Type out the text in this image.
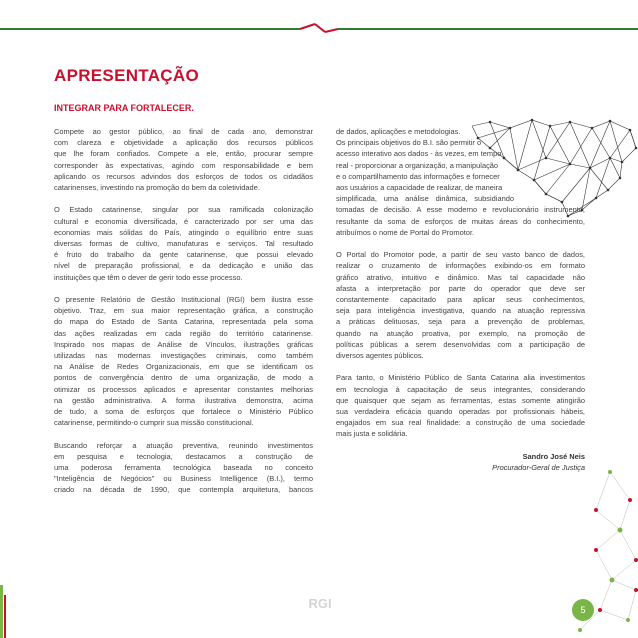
APRESENTAÇÃO
INTEGRAR PARA FORTALECER.

Compete ao gestor público, ao final de cada ano, demonstrar
com clareza e objetividade a aplicação dos recursos públicos
que lhe foram confiados. Compete a ele, então, procurar sempre
corresponder às expectativas, agindo com responsabilidade e bem
aplicando os recursos advindos dos esforços de todos os cidadãos
catarinenses, investindo na promoção do bem da coletividade.

O Estado catarinense, singular por sua ramificada colonização
cultural e economia diversificada, é caracterizado por ser uma das
economias mais sólidas do País, atingindo o equilíbrio entre suas
diversas formas de cultivo, manufaturas e serviços. Tal resultado
é fruto do trabalho da gente catarinense, que possui elevado
nível de preparação profissional, e da dedicação e união das
instituições que têm o dever de gerir todo esse processo.

O presente Relatório de Gestão Institucional (RGI) bem ilustra esse
objetivo. Traz, em sua maior representação gráfica, a construção
do mapa do Estado de Santa Catarina, representada pela soma
das ações realizadas em cada região do território catarinense.
Inspirado nos mapas de Análise de Vínculos, ilustrações gráficas
utilizadas nas modernas investigações criminais, como também
na Análise de Redes Organizacionais, em que se identificam os
pontos de convergência dentro de uma organização, de modo a
otimizar os processos aplicados e apresentar constantes melhorias
na gestão administrativa. A forma ilustrativa demonstra, acima
de tudo, a soma de esforços que fortalece o Ministério Público
catarinense, permitindo-o cumprir sua missão constitucional.

Buscando reforçar a atuação preventiva, reunindo investimentos
em pesquisa e tecnologia, destacamos a construção de
uma poderosa ferramenta tecnológica baseada no conceito
"Inteligência de Negócios" ou Business Intelligence (B.I.), termo
criado na década de 1990, que contempla arquitetura, bancos

de dados, aplicações e metodologias.
Os principais objetivos do B.I. são permitir o
acesso interativo aos dados - às vezes, em tempo
real - proporcionar a organização, a manipulação
e o compartilhamento das informações e fornecer
aos usuários a capacidade de realizar, de maneira
simplificada, uma análise dinâmica, subsidiando
tomadas de decisão. A esse moderno e revolucionário instrumento,
resultante da soma de esforços de muitas áreas do conhecimento,
atribuímos o nome de Portal do Promotor.

O Portal do Promotor pode, a partir de seu vasto banco de dados,
realizar o cruzamento de informações exibindo-os em formato
gráfico atrativo, intuitivo e dinâmico. Mas tal capacidade não
afasta a interpretação por parte do operador que deve ser
constantemente capacitado para aplicar seus conhecimentos,
seja para inteligência investigativa, quando na atuação repressiva
a práticas delituosas, seja para a prevenção de problemas,
quando na atuação proativa, por exemplo, na promoção de
políticas públicas a serem desenvolvidas com a participação de
diversos agentes públicos.

Para tanto, o Ministério Público de Santa Catarina alia investimentos
em tecnologia à capacitação de seus integrantes, considerando
que quaisquer que sejam as ferramentas, estas somente atingirão
sua verdadeira eficácia quando operadas por profissionais hábeis,
engajados em sua real finalidade: a construção de uma sociedade
mais justa e solidária.

Sandro José Neis
Procurador-Geral de Justiça
RGI	5
